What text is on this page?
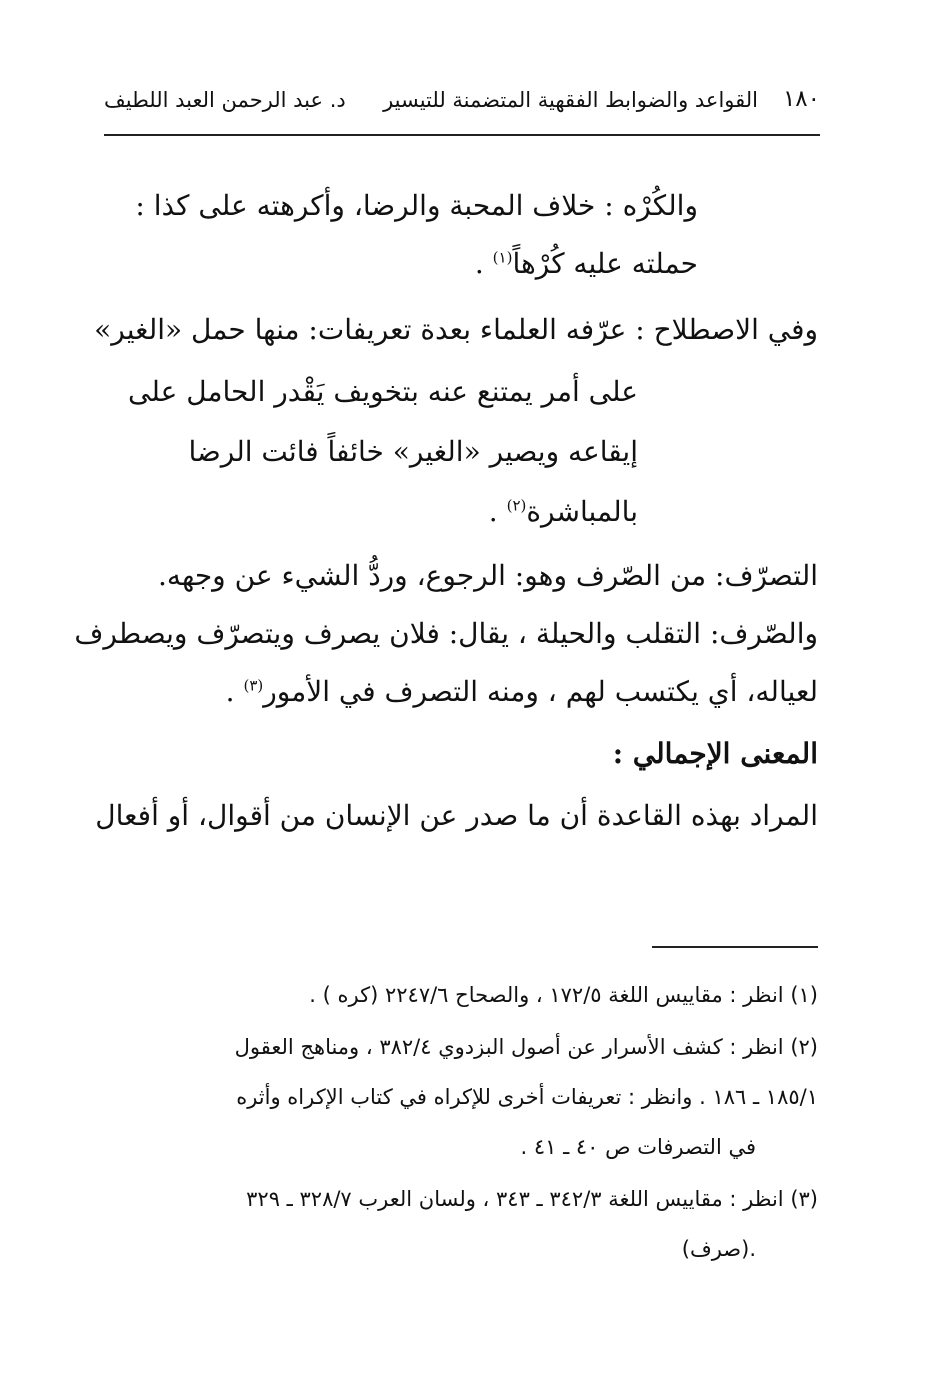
١٨٠
القواعد والضوابط الفقهية المتضمنة للتيسير
د. عبد الرحمن العبد اللطيف
والكُرْه : خلاف المحبة والرضا، وأكرهته على كذا :
حملته عليه كُرْهاً$^{(١)}$ .
وفي الاصطلاح : عرّفه العلماء بعدة تعريفات: منها حمل «الغير»
على أمر يمتنع عنه بتخويف يَقْدر الحامل على
إيقاعه ويصير «الغير» خائفاً فائت الرضا
بالمباشرة$^{(٢)}$ .
التصرّف: من الصّرف وهو: الرجوع، وردُّ الشيء عن وجهه.
والصّرف: التقلب والحيلة ، يقال: فلان يصرف ويتصرّف ويصطرف
لعياله، أي يكتسب لهم ، ومنه التصرف في الأمور$^{(٣)}$ .
المعنى الإجمالي :
المراد بهذه القاعدة أن ما صدر عن الإنسان من أقوال، أو أفعال
(١) انظر : مقاييس اللغة ١٧٢/٥ ، والصحاح ٢٢٤٧/٦ (كره ) .
(٢) انظر : كشف الأسرار عن أصول البزدوي ٣٨٢/٤ ، ومناهج العقول
١٨٥/١ ـ ١٨٦ . وانظر : تعريفات أخرى للإكراه في كتاب الإكراه وأثره
في التصرفات ص ٤٠ ـ ٤١ .
(٣) انظر : مقاييس اللغة ٣٤٢/٣ ـ ٣٤٣ ، ولسان العرب ٣٢٨/٧ ـ ٣٢٩
.(صرف)
